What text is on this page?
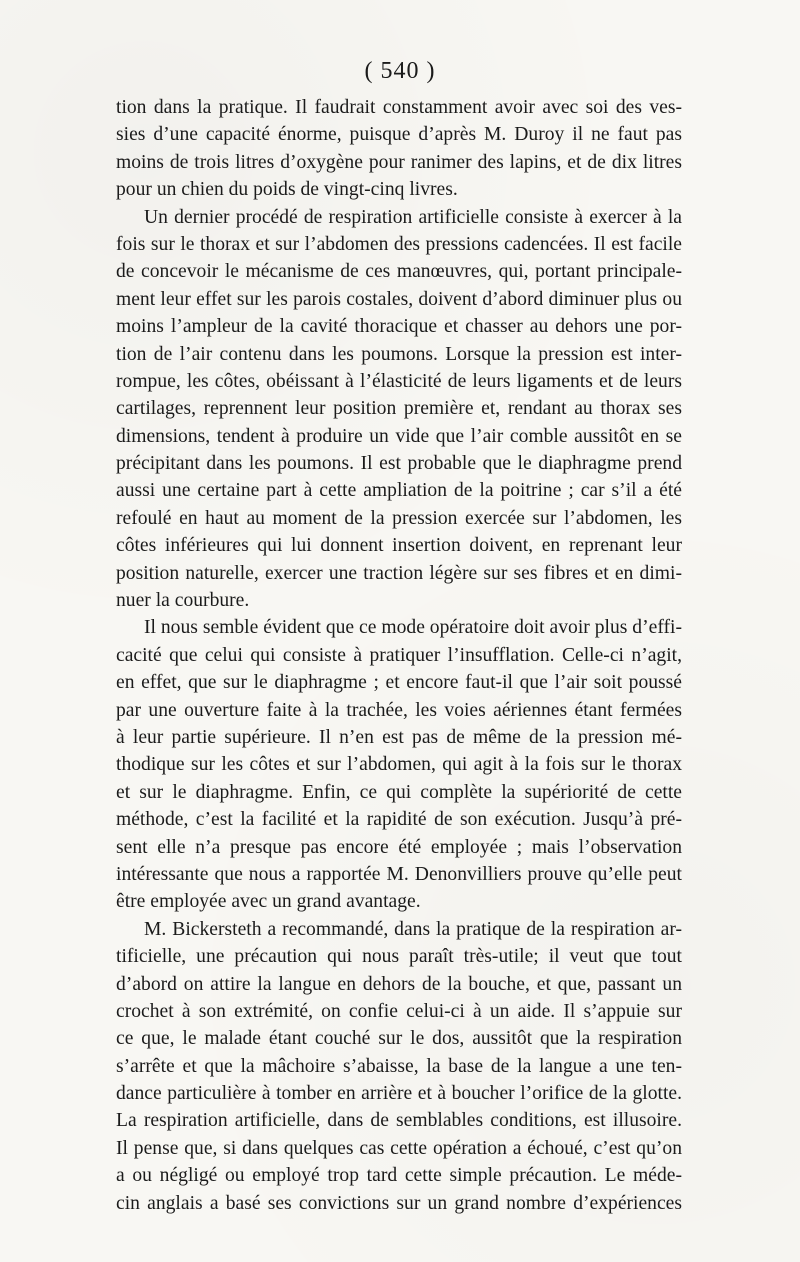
( 540 )
tion dans la pratique. Il faudrait constamment avoir avec soi des ves-
sies d’une capacité énorme, puisque d’après M. Duroy il ne faut pas
moins de trois litres d’oxygène pour ranimer des lapins, et de dix litres
pour un chien du poids de vingt-cinq livres.
Un dernier procédé de respiration artificielle consiste à exercer à la
fois sur le thorax et sur l’abdomen des pressions cadencées. Il est facile
de concevoir le mécanisme de ces manœuvres, qui, portant principale-
ment leur effet sur les parois costales, doivent d’abord diminuer plus ou
moins l’ampleur de la cavité thoracique et chasser au dehors une por-
tion de l’air contenu dans les poumons. Lorsque la pression est inter-
rompue, les côtes, obéissant à l’élasticité de leurs ligaments et de leurs
cartilages, reprennent leur position première et, rendant au thorax ses
dimensions, tendent à produire un vide que l’air comble aussitôt en se
précipitant dans les poumons. Il est probable que le diaphragme prend
aussi une certaine part à cette ampliation de la poitrine ; car s’il a été
refoulé en haut au moment de la pression exercée sur l’abdomen, les
côtes inférieures qui lui donnent insertion doivent, en reprenant leur
position naturelle, exercer une traction légère sur ses fibres et en dimi-
nuer la courbure.
Il nous semble évident que ce mode opératoire doit avoir plus d’effi-
cacité que celui qui consiste à pratiquer l’insufflation. Celle-ci n’agit,
en effet, que sur le diaphragme ; et encore faut-il que l’air soit poussé
par une ouverture faite à la trachée, les voies aériennes étant fermées
à leur partie supérieure. Il n’en est pas de même de la pression mé-
thodique sur les côtes et sur l’abdomen, qui agit à la fois sur le thorax
et sur le diaphragme. Enfin, ce qui complète la supériorité de cette
méthode, c’est la facilité et la rapidité de son exécution. Jusqu’à pré-
sent elle n’a presque pas encore été employée ; mais l’observation
intéressante que nous a rapportée M. Denonvilliers prouve qu’elle peut
être employée avec un grand avantage.
M. Bickersteth a recommandé, dans la pratique de la respiration ar-
tificielle, une précaution qui nous paraît très-utile; il veut que tout
d’abord on attire la langue en dehors de la bouche, et que, passant un
crochet à son extrémité, on confie celui-ci à un aide. Il s’appuie sur
ce que, le malade étant couché sur le dos, aussitôt que la respiration
s’arrête et que la mâchoire s’abaisse, la base de la langue a une ten-
dance particulière à tomber en arrière et à boucher l’orifice de la glotte.
La respiration artificielle, dans de semblables conditions, est illusoire.
Il pense que, si dans quelques cas cette opération a échoué, c’est qu’on
a ou négligé ou employé trop tard cette simple précaution. Le méde-
cin anglais a basé ses convictions sur un grand nombre d’expériences
